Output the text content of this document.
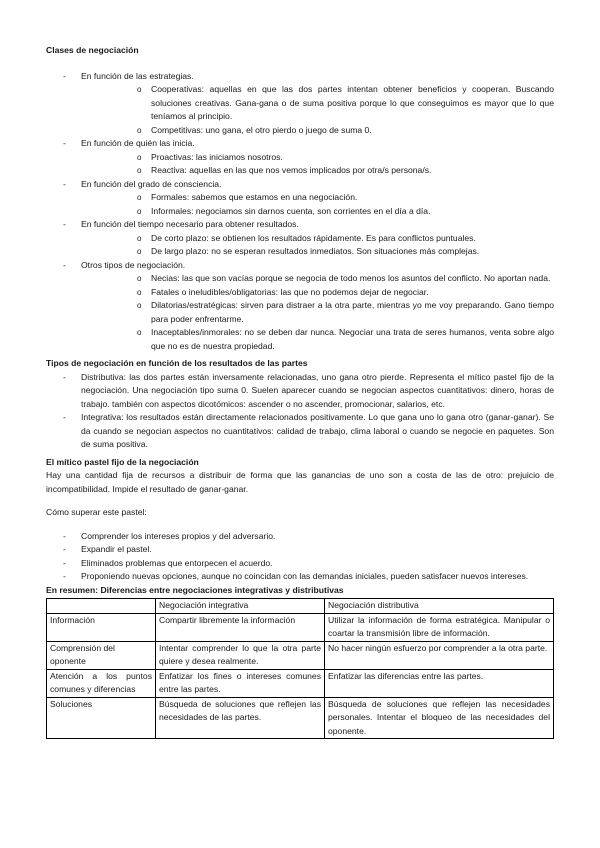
Clases de negociación

- En función de las estrategias.
o Cooperativas: aquellas en que las dos partes intentan obtener beneficios y cooperan. Buscando soluciones creativas. Gana-gana o de suma positiva porque lo que conseguimos es mayor que lo que teníamos al principio.
o Competitivas: uno gana, el otro pierdo o juego de suma 0.
- En función de quién las inicia.
o Proactivas: las iniciamos nosotros.
o Reactiva: aquellas en las que nos vemos implicados por otra/s persona/s.
- En función del grado de consciencia.
o Formales: sabemos que estamos en una negociación.
o Informales: negociamos sin darnos cuenta, son corrientes en el día a día.
- En función del tiempo necesario para obtener resultados.
o De corto plazo: se obtienen los resultados rápidamente. Es para conflictos puntuales.
o De largo plazo: no se esperan resultados inmediatos. Son situaciones más complejas.
- Otros tipos de negociación.
o Necias: las que son vacías porque se negocia de todo menos los asuntos del conflicto. No aportan nada.
o Fatales o ineludibles/obligatorias: las que no podemos dejar de negociar.
o Dilatorias/estratégicas: sirven para distraer a la otra parte, mientras yo me voy preparando. Gano tiempo para poder enfrentarme.
o Inaceptables/inmorales: no se deben dar nunca. Negociar una trata de seres humanos, venta sobre algo que no es de nuestra propiedad.

Tipos de negociación en función de los resultados de las partes

- Distributiva: las dos partes están inversamente relacionadas, uno gana otro pierde. Representa el mítico pastel fijo de la negociación. Una negociación tipo suma 0. Suelen aparecer cuando se negocian aspectos cuantitativos: dinero, horas de trabajo. también con aspectos dicotómicos: ascender o no ascender, promocionar, salarios, etc.
- Integrativa: los resultados están directamente relacionados positivamente. Lo que gana uno lo gana otro (ganar-ganar). Se da cuando se negocian aspectos no cuantitativos: calidad de trabajo, clima laboral o cuando se negocie en paquetes. Son de suma positiva.

El mítico pastel fijo de la negociación

Hay una cantidad fija de recursos a distribuir de forma que las ganancias de uno son a costa de las de otro: prejuicio de incompatibilidad. Impide el resultado de ganar-ganar.

Cómo superar este pastel:

- Comprender los intereses propios y del adversario.
- Expandir el pastel.
- Eliminados problemas que entorpecen el acuerdo.
- Proponiendo nuevas opciones, aunque no coincidan con las demandas iniciales, pueden satisfacer nuevos intereses.

En resumen: Diferencias entre negociaciones integrativas y distributivas

	Negociación integrativa	Negociación distributiva
Información	Compartir libremente la información	Utilizar la información de forma estratégica. Manipular o coartar la transmisión libre de información.
Comprensión del oponente	Intentar comprender lo que la otra parte quiere y desea realmente.	No hacer ningún esfuerzo por comprender a la otra parte.
Atención a los puntos comunes y diferencias	Enfatizar los fines o intereses comunes entre las partes.	Enfatizar las diferencias entre las partes.
Soluciones	Búsqueda de soluciones que reflejen las necesidades de las partes.	Búsqueda de soluciones que reflejen las necesidades personales. Intentar el bloqueo de las necesidades del oponente.
